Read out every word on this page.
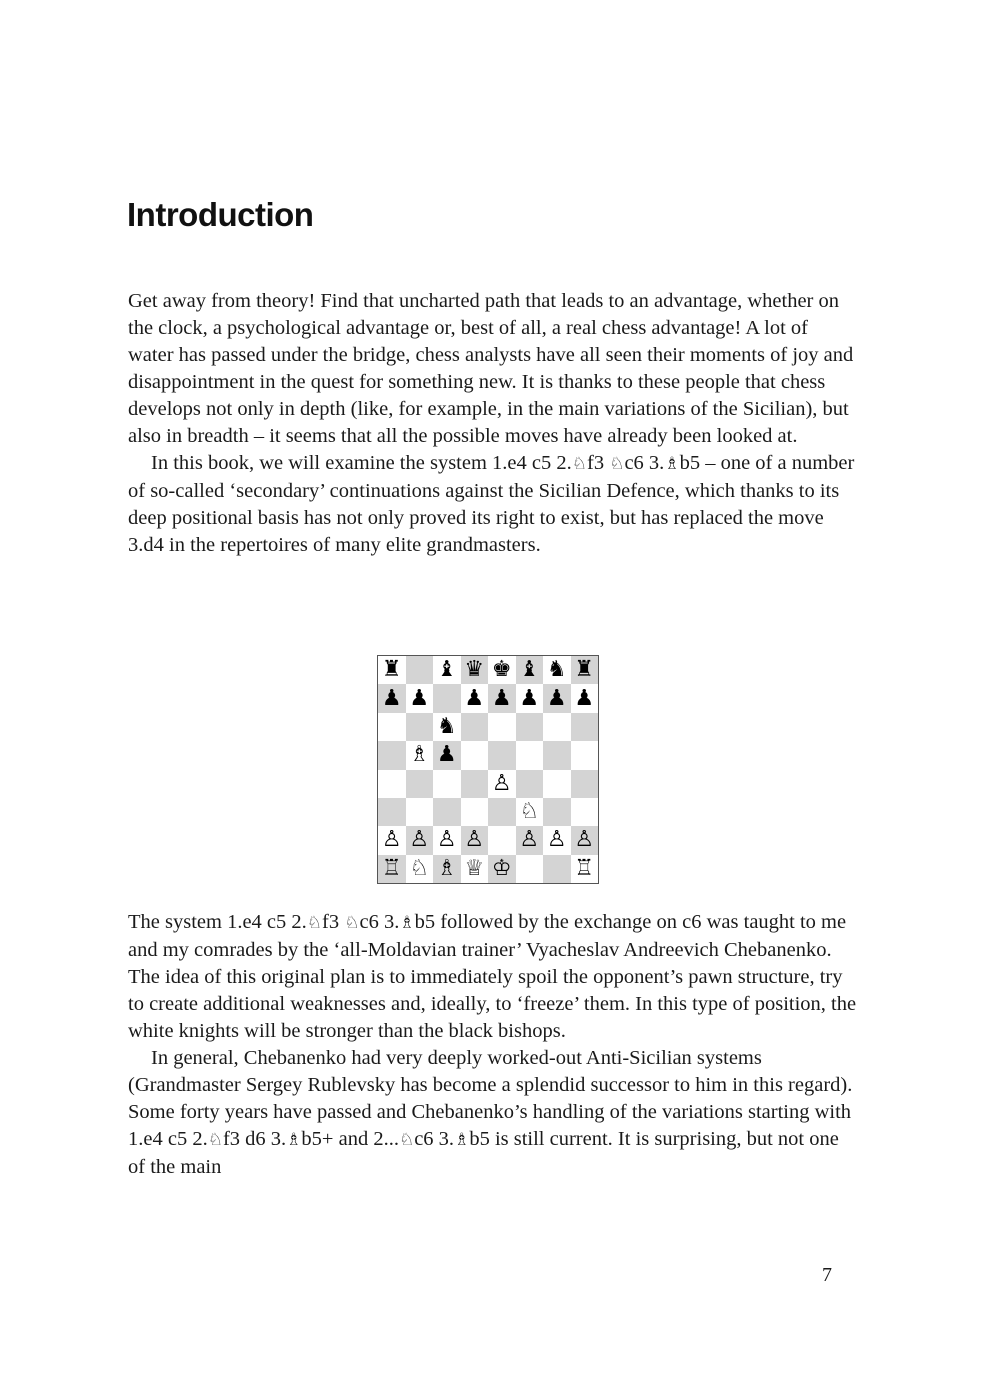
Introduction

Get away from theory! Find that uncharted path that leads to an advantage, whether on the clock, a psychological advantage or, best of all, a real chess advantage! A lot of water has passed under the bridge, chess analysts have all seen their moments of joy and disappointment in the quest for something new. It is thanks to these people that chess develops not only in depth (like, for example, in the main variations of the Sicilian), but also in breadth – it seems that all the possible moves have already been looked at.

In this book, we will examine the system 1.e4 c5 2.♘f3 ♘c6 3.♗b5 – one of a number of so-called ‘secondary’ continuations against the Sicilian Defence, which thanks to its deep positional basis has not only proved its right to exist, but has replaced the move 3.d4 in the repertoires of many elite grandmasters.

♜ ♝ ♛ ♚ ♝ ♞ ♜
♟ ♟ ♟ ♟ ♟ ♟ ♟
♞
♗ ♟
♙
♘
♙ ♙ ♙ ♙ ♙ ♙ ♙
♖ ♘ ♗ ♕ ♔	♖

The system 1.e4 c5 2.♘f3 ♘c6 3.♗b5 followed by the exchange on c6 was taught to me and my comrades by the ‘all-Moldavian trainer’ Vyacheslav Andreevich Chebanenko. The idea of this original plan is to immediately spoil the opponent’s pawn structure, try to create additional weaknesses and, ideally, to ‘freeze’ them. In this type of position, the white knights will be stronger than the black bishops.

In general, Chebanenko had very deeply worked-out Anti-Sicilian systems (Grandmaster Sergey Rublevsky has become a splendid successor to him in this regard). Some forty years have passed and Chebanenko’s handling of the variations starting with 1.e4 c5 2.♘f3 d6 3.♗b5+ and 2...♘c6 3.♗b5 is still current. It is surprising, but not one of the main

7
